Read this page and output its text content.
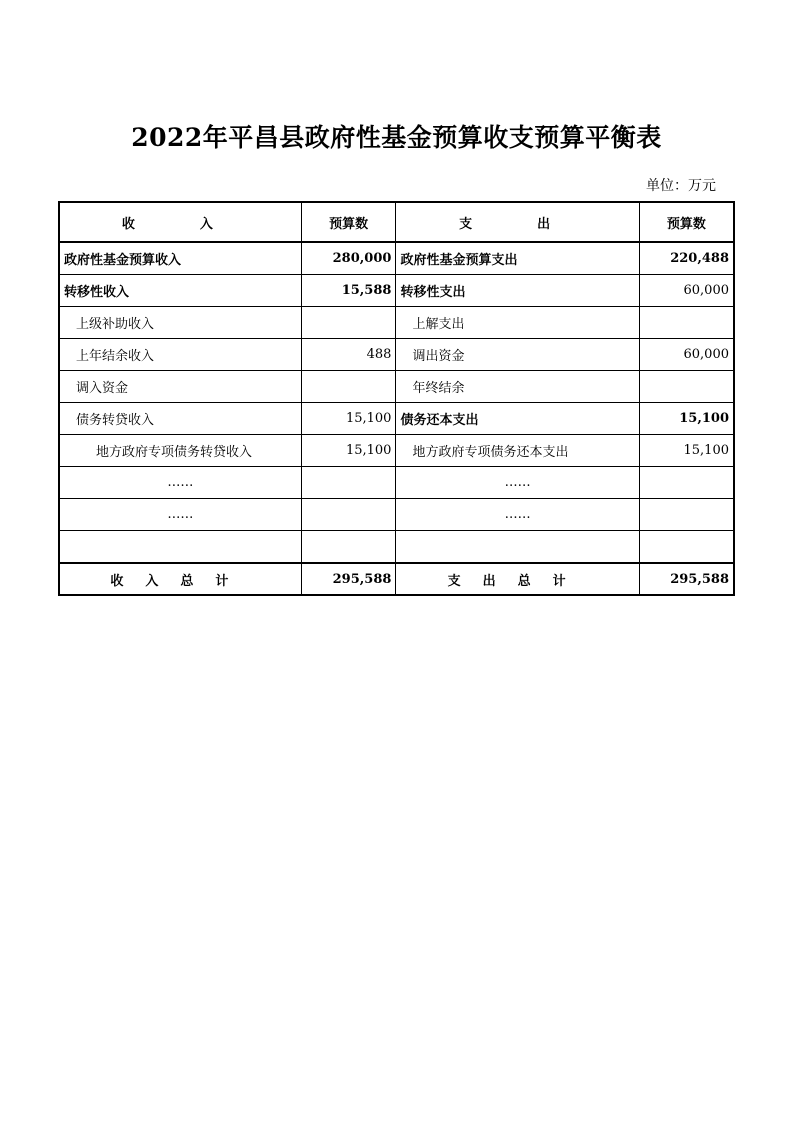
2022年平昌县政府性基金预算收支预算平衡表
单位：万元
收　入	预算数	支　出	预算数
政府性基金预算收入	280,000	政府性基金预算支出	220,488
转移性收入	15,588	转移性支出	60,000
上级补助收入		上解支出	
上年结余收入	488	调出资金	60,000
调入资金		年终结余	
债务转贷收入	15,100	债务还本支出	15,100
地方政府专项债务转贷收入	15,100	地方政府专项债务还本支出	15,100
……		……	
……		……	

收入总计	295,588	支出总计	295,588
